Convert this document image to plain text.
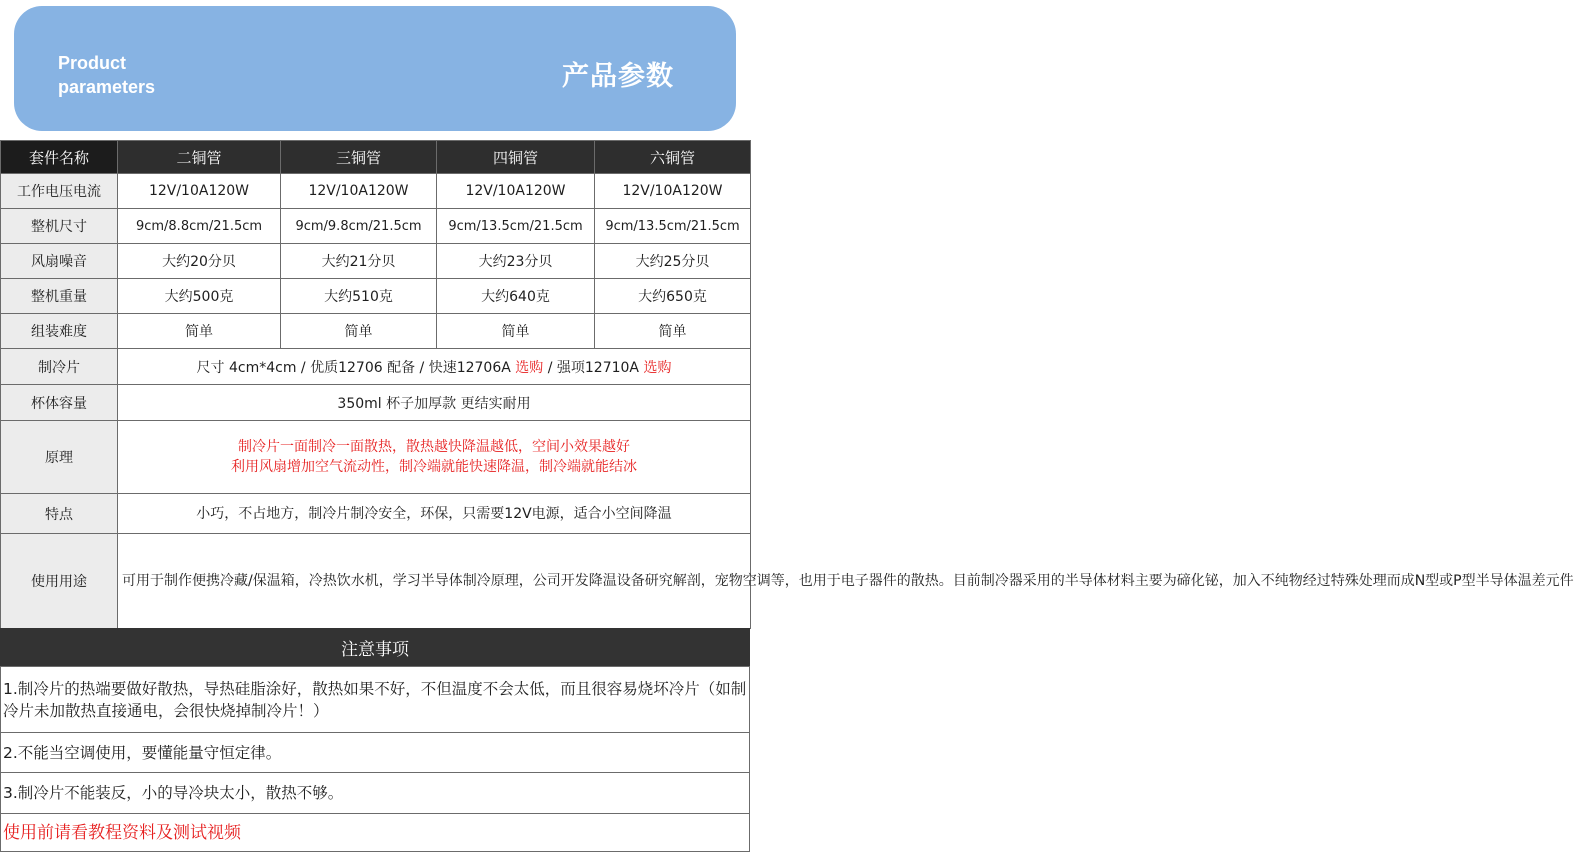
Product
parameters	产品参数
套件名称	二铜管	三铜管	四铜管	六铜管
工作电压电流	12V/10A120W	12V/10A120W	12V/10A120W	12V/10A120W
整机尺寸	9cm/8.8cm/21.5cm	9cm/9.8cm/21.5cm	9cm/13.5cm/21.5cm	9cm/13.5cm/21.5cm
风扇噪音	大约20分贝	大约21分贝	大约23分贝	大约25分贝
整机重量	大约500克	大约510克	大约640克	大约650克
组装难度	简单	简单	简单	简单
制冷片	尺寸 4cm*4cm / 优质12706 配备 / 快速12706A 选购 / 强项12710A 选购			
杯体容量	350ml 杯子加厚款 更结实耐用			
原理	制冷片一面制冷一面散热，散热越快降温越低，空间小效果越好
利用风扇增加空气流动性，制冷端就能快速降温，制冷端就能结冰			

特点	小巧，不占地方，制冷片制冷安全，环保，只需要12V电源，适合小空间降温			
使用用途	可用于制作便携冷藏/保温箱，冷热饮水机，学习半导体制冷原理，公司开发降温设备研究解剖，宠物空调等，也用于电子器件的散热。目前制冷器采用的半导体材料主要为碲化铋，加入不纯物经过特殊处理而成N型或P型半导体温差元件			
注意事项
1.制冷片的热端要做好散热，导热硅脂涂好，散热如果不好，不但温度不会太低，而且很容易烧坏冷片（如制冷片未加散热直接通电，会很快烧掉制冷片！）
2.不能当空调使用，要懂能量守恒定律。
3.制冷片不能装反，小的导冷块太小，散热不够。
使用前请看教程资料及测试视频
